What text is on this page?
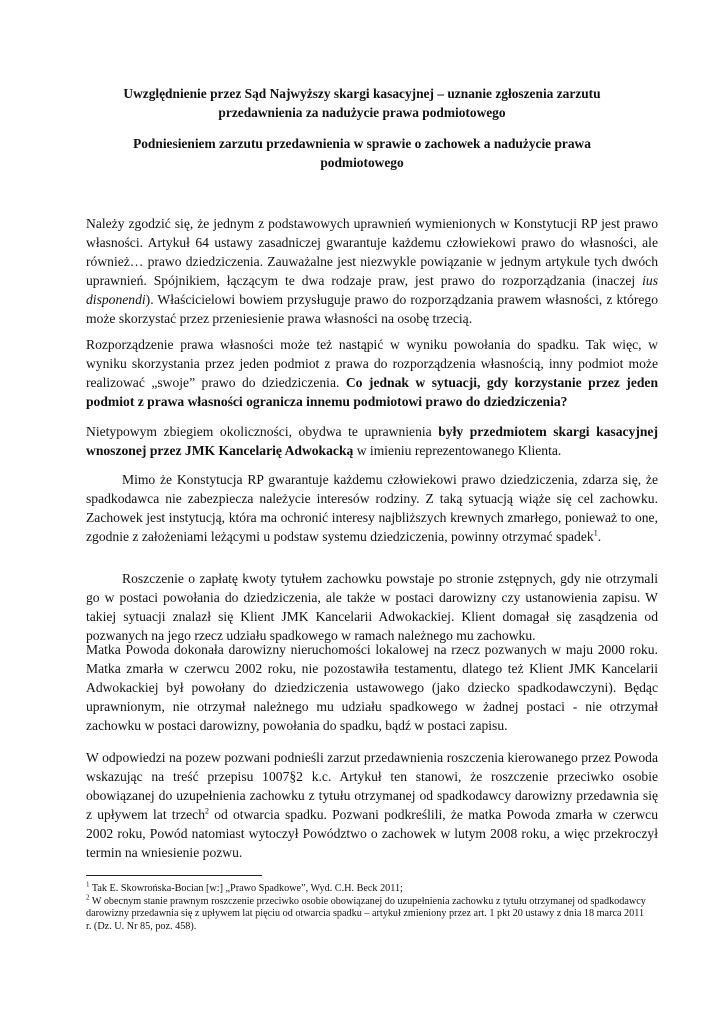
Uwzględnienie przez Sąd Najwyższy skargi kasacyjnej – uznanie zgłoszenia zarzutu przedawnienia za nadużycie prawa podmiotowego
Podniesieniem zarzutu przedawnienia w sprawie o zachowek a nadużycie prawa podmiotowego

Należy zgodzić się, że jednym z podstawowych uprawnień wymienionych w Konstytucji RP jest prawo własności. Artykuł 64 ustawy zasadniczej gwarantuje każdemu człowiekowi prawo do własności, ale również… prawo dziedziczenia. Zauważalne jest niezwykle powiązanie w jednym artykule tych dwóch uprawnień. Spójnikiem, łączącym te dwa rodzaje praw, jest prawo do rozporządzania (inaczej ius disponendi). Właścicielowi bowiem przysługuje prawo do rozporządzania prawem własności, z którego może skorzystać przez przeniesienie prawa własności na osobę trzecią.

Rozporządzenie prawa własności może też nastąpić w wyniku powołania do spadku. Tak więc, w wyniku skorzystania przez jeden podmiot z prawa do rozporządzenia własnością, inny podmiot może realizować „swoje” prawo do dziedziczenia. Co jednak w sytuacji, gdy korzystanie przez jeden podmiot z prawa własności ogranicza innemu podmiotowi prawo do dziedziczenia?

Nietypowym zbiegiem okoliczności, obydwa te uprawnienia były przedmiotem skargi kasacyjnej wnoszonej przez JMK Kancelarię Adwokacką w imieniu reprezentowanego Klienta.

Mimo że Konstytucja RP gwarantuje każdemu człowiekowi prawo dziedziczenia, zdarza się, że spadkodawca nie zabezpiecza należycie interesów rodziny. Z taką sytuacją wiąże się cel zachowku. Zachowek jest instytucją, która ma ochronić interesy najbliższych krewnych zmarłego, ponieważ to one, zgodnie z założeniami leżącymi u podstaw systemu dziedziczenia, powinny otrzymać spadek$^1$.

Roszczenie o zapłatę kwoty tytułem zachowku powstaje po stronie zstępnych, gdy nie otrzymali go w postaci powołania do dziedziczenia, ale także w postaci darowizny czy ustanowienia zapisu. W takiej sytuacji znalazł się Klient JMK Kancelarii Adwokackiej. Klient domagał się zasądzenia od pozwanych na jego rzecz udziału spadkowego w ramach należnego mu zachowku.

Matka Powoda dokonała darowizny nieruchomości lokalowej na rzecz pozwanych w maju 2000 roku. Matka zmarła w czerwcu 2002 roku, nie pozostawiła testamentu, dlatego też Klient JMK Kancelarii Adwokackiej był powołany do dziedziczenia ustawowego (jako dziecko spadkodawczyni). Będąc uprawnionym, nie otrzymał należnego mu udziału spadkowego w żadnej postaci - nie otrzymał zachowku w postaci darowizny, powołania do spadku, bądź w postaci zapisu.

W odpowiedzi na pozew pozwani podnieśli zarzut przedawnienia roszczenia kierowanego przez Powoda wskazując na treść przepisu 1007§2 k.c. Artykuł ten stanowi, że roszczenie przeciwko osobie obowiązanej do uzupełnienia zachowku z tytułu otrzymanej od spadkodawcy darowizny przedawnia się z upływem lat trzech$^2$ od otwarcia spadku. Pozwani podkreślili, że matka Powoda zmarła w czerwcu 2002 roku, Powód natomiast wytoczył Powództwo o zachowek w lutym 2008 roku, a więc przekroczył termin na wniesienie pozwu.

$^1$ Tak E. Skowrońska-Bocian [w:] „Prawo Spadkowe”, Wyd. C.H. Beck 2011;

$^2$ W obecnym stanie prawnym roszczenie przeciwko osobie obowiązanej do uzupełnienia zachowku z tytułu otrzymanej od spadkodawcy darowizny przedawnia się z upływem lat pięciu od otwarcia spadku – artykuł zmieniony przez art. 1 pkt 20 ustawy z dnia 18 marca 2011 r. (Dz. U. Nr 85, poz. 458).
